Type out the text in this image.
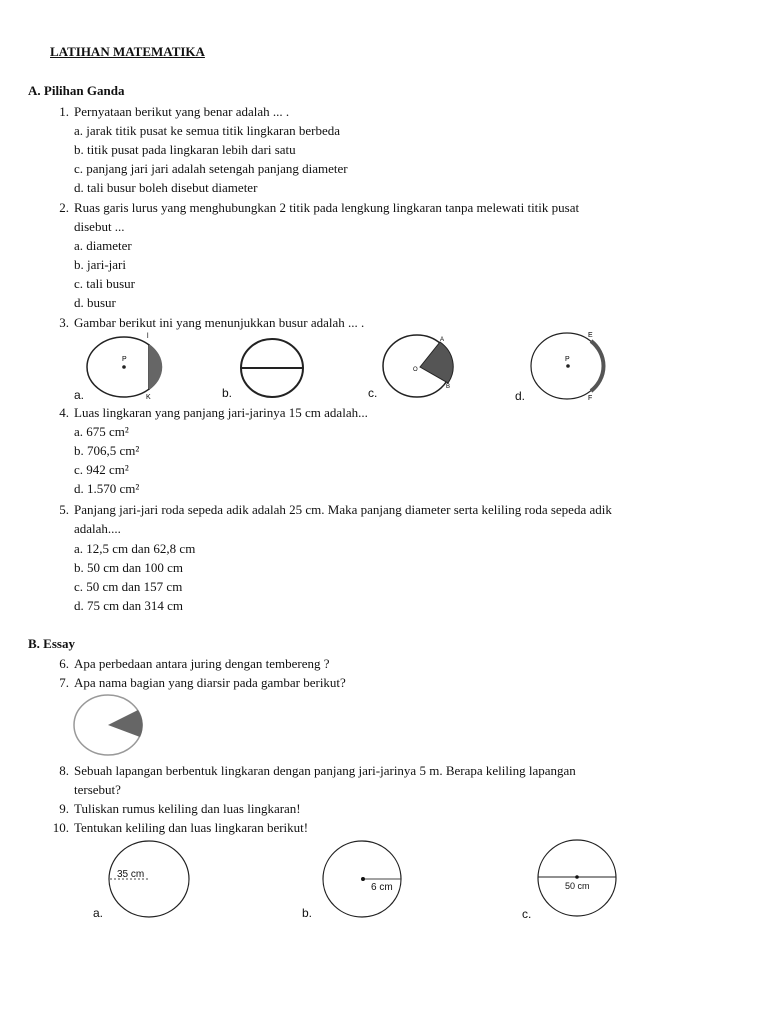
LATIHAN MATEMATIKA
A. Pilihan Ganda
1. Pernyataan berikut yang benar adalah ... .
a. jarak titik pusat ke semua titik lingkaran berbeda
b. titik pusat pada lingkaran lebih dari satu
c. panjang jari jari adalah setengah panjang diameter
d. tali busur boleh disebut diameter
2. Ruas garis lurus yang menghubungkan 2 titik pada lengkung lingkaran tanpa melewati titik pusat
disebut ...
a. diameter
b. jari-jari
c. tali busur
d. busur
3. Gambar berikut ini yang menunjukkan busur adalah ... .
P
l
K
A
O
B
P
E
F
a.	b.	c.	d.
4. Luas lingkaran yang panjang jari-jarinya 15 cm adalah...
a. 675 cm²
b. 706,5 cm²
c. 942 cm²
d. 1.570 cm²
5. Panjang jari-jari roda sepeda adik adalah 25 cm. Maka panjang diameter serta keliling roda sepeda adik
adalah....
a. 12,5 cm dan 62,8 cm
b. 50 cm dan 100 cm
c. 50 cm dan 157 cm
d. 75 cm dan 314 cm
B. Essay
6. Apa perbedaan antara juring dengan tembereng ?
7. Apa nama bagian yang diarsir pada gambar berikut?
8. Sebuah lapangan berbentuk lingkaran dengan panjang jari-jarinya 5 m. Berapa keliling lapangan
tersebut?
9. Tuliskan rumus keliling dan luas lingkaran!
10. Tentukan keliling dan luas lingkaran berikut!
35 cm
6 cm	50 cm
a.	b.	c.
